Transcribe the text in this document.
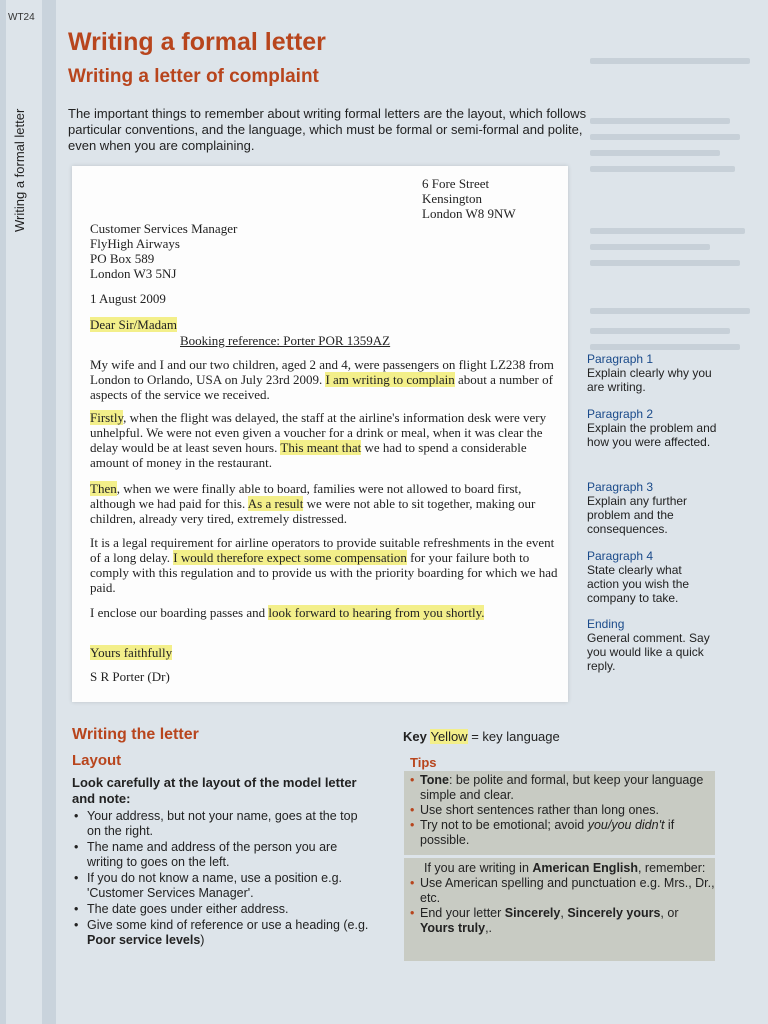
WT24
Writing a formal letter
Writing a formal letter
Writing a letter of complaint
The important things to remember about writing formal letters are the layout, which follows particular conventions, and the language, which must be formal or semi-formal and polite, even when you are complaining.
6 Fore Street
Kensington
London W8 9NW
Customer Services Manager
FlyHigh Airways
PO Box 589
London W3 5NJ
1 August 2009
Dear Sir/Madam
Booking reference: Porter POR 1359AZ
My wife and I and our two children, aged 2 and 4, were passengers on flight LZ238 from London to Orlando, USA on July 23rd 2009. I am writing to complain about a number of aspects of the service we received.
Firstly, when the flight was delayed, the staff at the airline's information desk were very unhelpful. We were not even given a voucher for a drink or meal, when it was clear the delay would be at least seven hours. This meant that we had to spend a considerable amount of money in the restaurant.
Then, when we were finally able to board, families were not allowed to board first, although we had paid for this. As a result we were not able to sit together, making our children, already very tired, extremely distressed.
It is a legal requirement for airline operators to provide suitable refreshments in the event of a long delay. I would therefore expect some compensation for your failure both to comply with this regulation and to provide us with the priority boarding for which we had paid.
I enclose our boarding passes and look forward to hearing from you shortly.
Yours faithfully
S R Porter (Dr)
Paragraph 1
Explain clearly why you are writing.
Paragraph 2
Explain the problem and how you were affected.
Paragraph 3
Explain any further problem and the consequences.
Paragraph 4
State clearly what action you wish the company to take.
Ending
General comment. Say you would like a quick reply.
Writing the letter
Layout
Look carefully at the layout of the model letter and note:
• Your address, but not your name, goes at the top on the right.
• The name and address of the person you are writing to goes on the left.
• If you do not know a name, use a position e.g. 'Customer Services Manager'.
• The date goes under either address.
• Give some kind of reference or use a heading (e.g. Poor service levels)
Key Yellow = key language
Tips
• Tone: be polite and formal, but keep your language simple and clear.
• Use short sentences rather than long ones.
• Try not to be emotional; avoid you/you didn't if possible.
If you are writing in American English, remember:
• Use American spelling and punctuation e.g. Mrs., Dr., etc.
• End your letter Sincerely, Sincerely yours, or Yours truly,.
